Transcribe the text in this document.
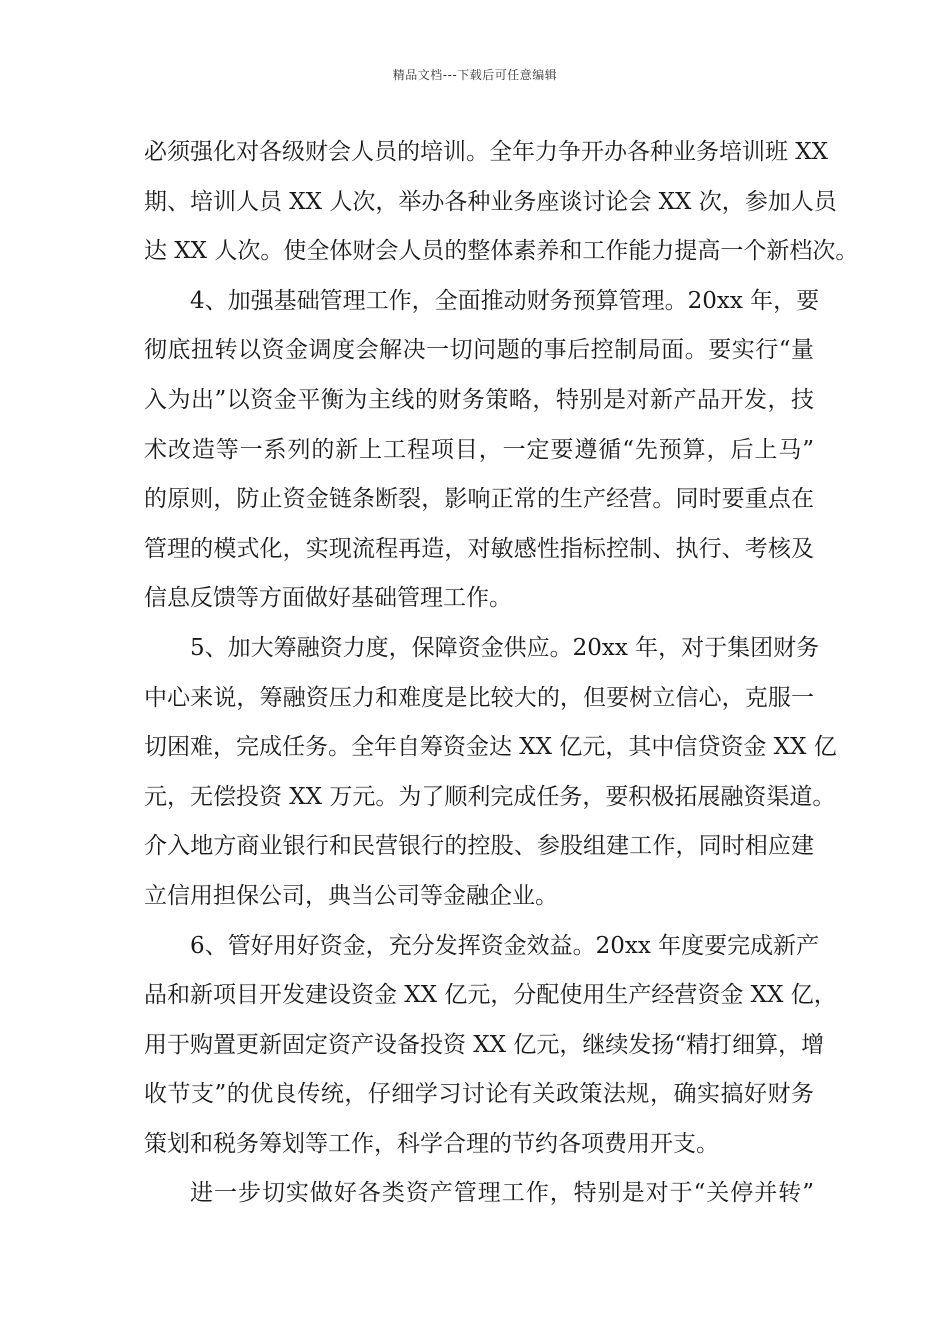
精品文档---下载后可任意编辑
必须强化对各级财会人员的培训。全年力争开办各种业务培训班 XX
期、培训人员 XX 人次，举办各种业务座谈讨论会 XX 次，参加人员
达 XX 人次。使全体财会人员的整体素养和工作能力提高一个新档次。
4、加强基础管理工作，全面推动财务预算管理。20xx 年，要
彻底扭转以资金调度会解决一切问题的事后控制局面。要实行“量
入为出”以资金平衡为主线的财务策略，特别是对新产品开发，技
术改造等一系列的新上工程项目，一定要遵循“先预算，后上马”
的原则，防止资金链条断裂，影响正常的生产经营。同时要重点在
管理的模式化，实现流程再造，对敏感性指标控制、执行、考核及
信息反馈等方面做好基础管理工作。
5、加大筹融资力度，保障资金供应。20xx 年，对于集团财务
中心来说，筹融资压力和难度是比较大的，但要树立信心，克服一
切困难，完成任务。全年自筹资金达 XX 亿元，其中信贷资金 XX 亿
元，无偿投资 XX 万元。为了顺利完成任务，要积极拓展融资渠道。
介入地方商业银行和民营银行的控股、参股组建工作，同时相应建
立信用担保公司，典当公司等金融企业。
6、管好用好资金，充分发挥资金效益。20xx 年度要完成新产
品和新项目开发建设资金 XX 亿元，分配使用生产经营资金 XX 亿，
用于购置更新固定资产设备投资 XX 亿元，继续发扬“精打细算，增
收节支”的优良传统，仔细学习讨论有关政策法规，确实搞好财务
策划和税务筹划等工作，科学合理的节约各项费用开支。
进一步切实做好各类资产管理工作，特别是对于“关停并转”
